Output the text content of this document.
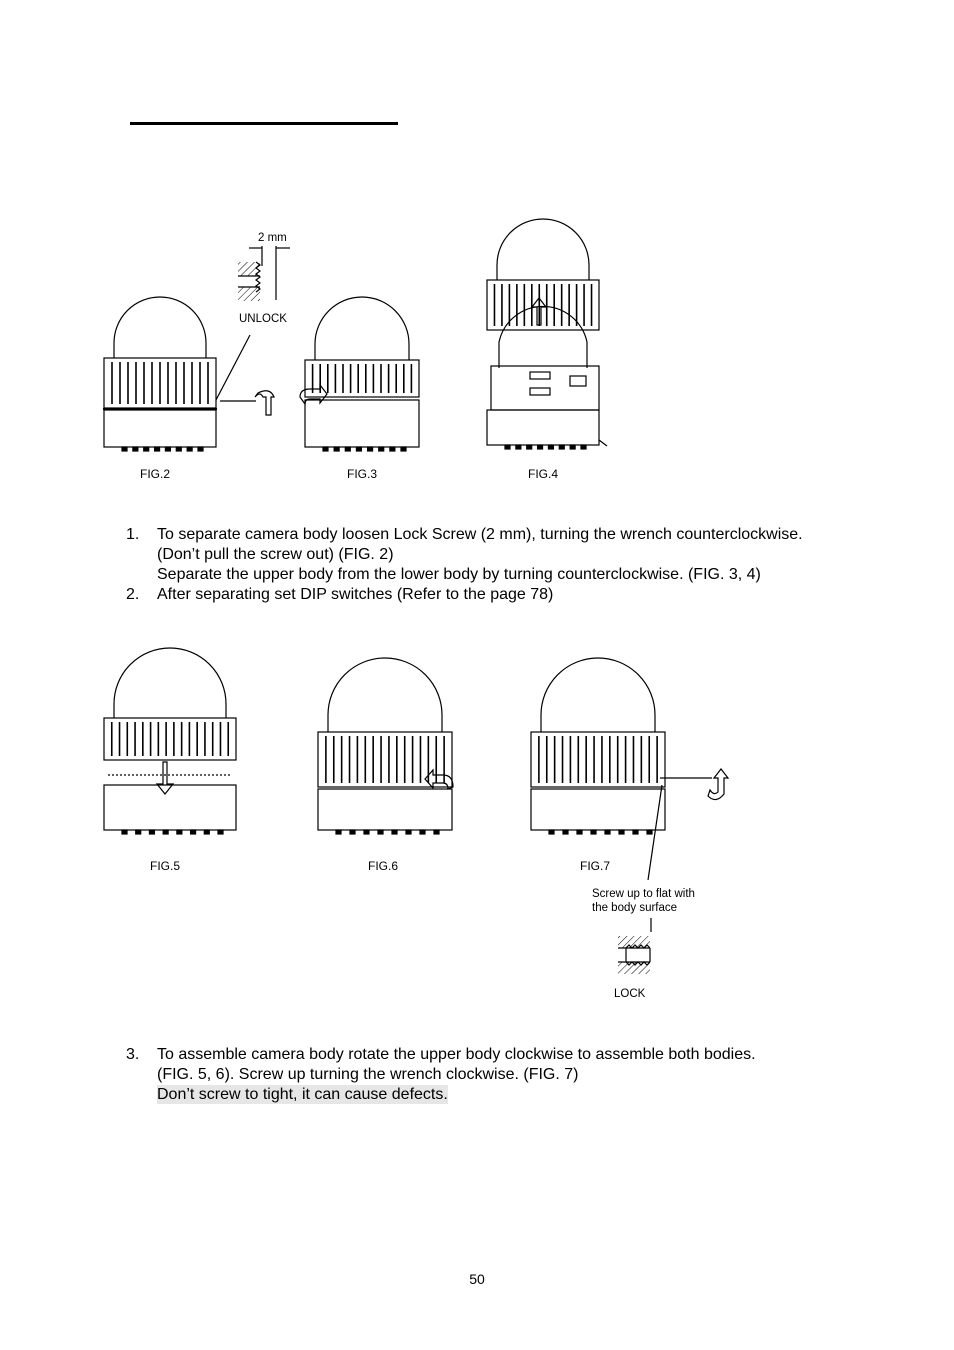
FIG.2	FIG.3	FIG.4
FIG.5	FIG.6	FIG.7
2 mm
UNLOCK
Screw up to flat with
the body surface
LOCK
1. To separate camera body loosen Lock Screw (2 mm), turning the wrench counterclockwise.
(Don’t pull the screw out) (FIG. 2)
Separate the upper body from the lower body by turning counterclockwise. (FIG. 3, 4)
2. After separating set DIP switches (Refer to the page 78)
3. To assemble camera body rotate the upper body clockwise to assemble both bodies.
(FIG. 5, 6). Screw up turning the wrench clockwise. (FIG. 7)
Don’t screw to tight, it can cause defects.
50
